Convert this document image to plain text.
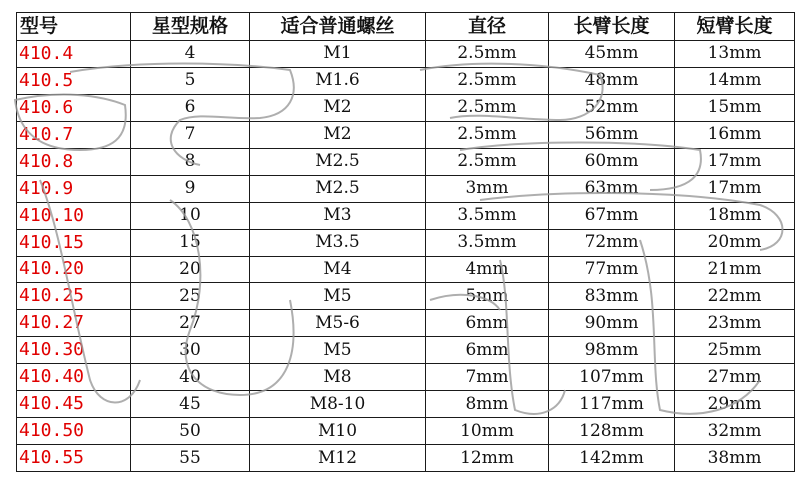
型号	星型规格	适合普通螺丝	直径	长臂长度	短臂长度
410.4	4	M1	2.5mm	45mm	13mm
410.5	5	M1.6	2.5mm	48mm	14mm
410.6	6	M2	2.5mm	52mm	15mm
410.7	7	M2	2.5mm	56mm	16mm
410.8	8	M2.5	2.5mm	60mm	17mm
410.9	9	M2.5	3mm	63mm	17mm
410.10	10	M3	3.5mm	67mm	18mm
410.15	15	M3.5	3.5mm	72mm	20mm
410.20	20	M4	4mm	77mm	21mm
410.25	25	M5	5mm	83mm	22mm
410.27	27	M5-6	6mm	90mm	23mm
410.30	30	M5	6mm	98mm	25mm
410.40	40	M8	7mm	107mm	27mm
410.45	45	M8-10	8mm	117mm	29mm
410.50	50	M10	10mm	128mm	32mm
410.55	55	M12	12mm	142mm	38mm
